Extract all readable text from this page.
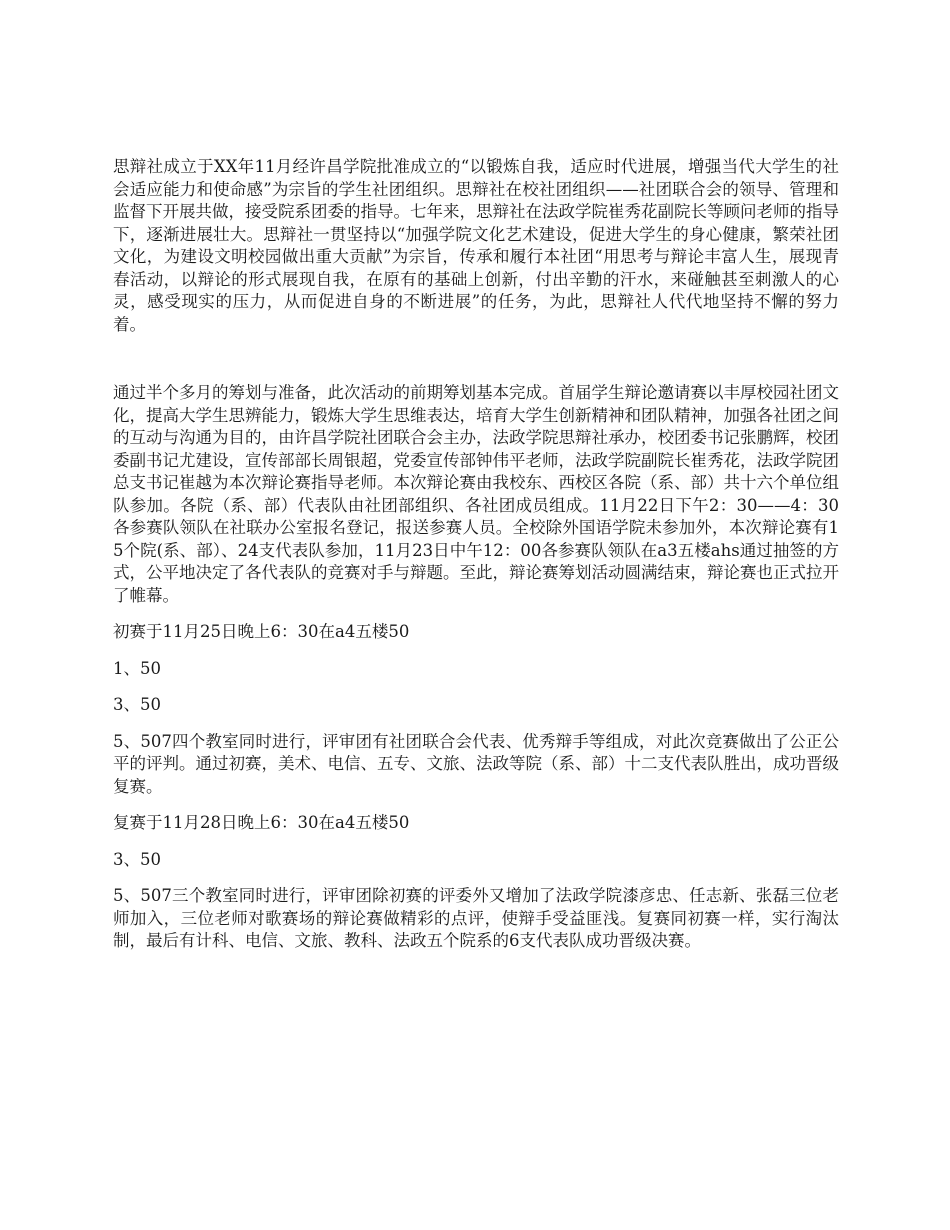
思辩社成立于XX年11月经许昌学院批准成立的“以锻炼自我，适应时代进展，增强当代大学生的社会适应能力和使命感”为宗旨的学生社团组织。思辩社在校社团组织——社团联合会的领导、管理和监督下开展共做，接受院系团委的指导。七年来，思辩社在法政学院崔秀花副院长等顾问老师的指导下，逐渐进展壮大。思辩社一贯坚持以“加强学院文化艺术建设，促进大学生的身心健康，繁荣社团文化，为建设文明校园做出重大贡献”为宗旨，传承和履行本社团“用思考与辩论丰富人生，展现青春活动，以辩论的形式展现自我，在原有的基础上创新，付出辛勤的汗水，来碰触甚至刺激人的心灵，感受现实的压力，从而促进自身的不断进展”的任务，为此，思辩社人代代地坚持不懈的努力着。

通过半个多月的筹划与准备，此次活动的前期筹划基本完成。首届学生辩论邀请赛以丰厚校园社团文化，提高大学生思辨能力，锻炼大学生思维表达，培育大学生创新精神和团队精神，加强各社团之间的互动与沟通为目的，由许昌学院社团联合会主办，法政学院思辩社承办，校团委书记张鹏辉，校团委副书记尤建设，宣传部部长周银超，党委宣传部钟伟平老师，法政学院副院长崔秀花，法政学院团总支书记崔越为本次辩论赛指导老师。本次辩论赛由我校东、西校区各院（系、部）共十六个单位组队参加。各院（系、部）代表队由社团部组织、各社团成员组成。11月22日下午2：30——4：30各参赛队领队在社联办公室报名登记，报送参赛人员。全校除外国语学院未参加外，本次辩论赛有15个院(系、部）、24支代表队参加，11月23日中午12：00各参赛队领队在a3五楼ahs通过抽签的方式，公平地决定了各代表队的竞赛对手与辩题。至此，辩论赛筹划活动圆满结束，辩论赛也正式拉开了帷幕。

初赛于11月25日晚上6：30在a4五楼50

1、50

3、50

5、507四个教室同时进行，评审团有社团联合会代表、优秀辩手等组成，对此次竞赛做出了公正公平的评判。通过初赛，美术、电信、五专、文旅、法政等院（系、部）十二支代表队胜出，成功晋级复赛。

复赛于11月28日晚上6：30在a4五楼50

3、50

5、507三个教室同时进行，评审团除初赛的评委外又增加了法政学院漆彦忠、任志新、张磊三位老师加入，三位老师对歌赛场的辩论赛做精彩的点评，使辩手受益匪浅。复赛同初赛一样，实行淘汰制，最后有计科、电信、文旅、教科、法政五个院系的6支代表队成功晋级决赛。
